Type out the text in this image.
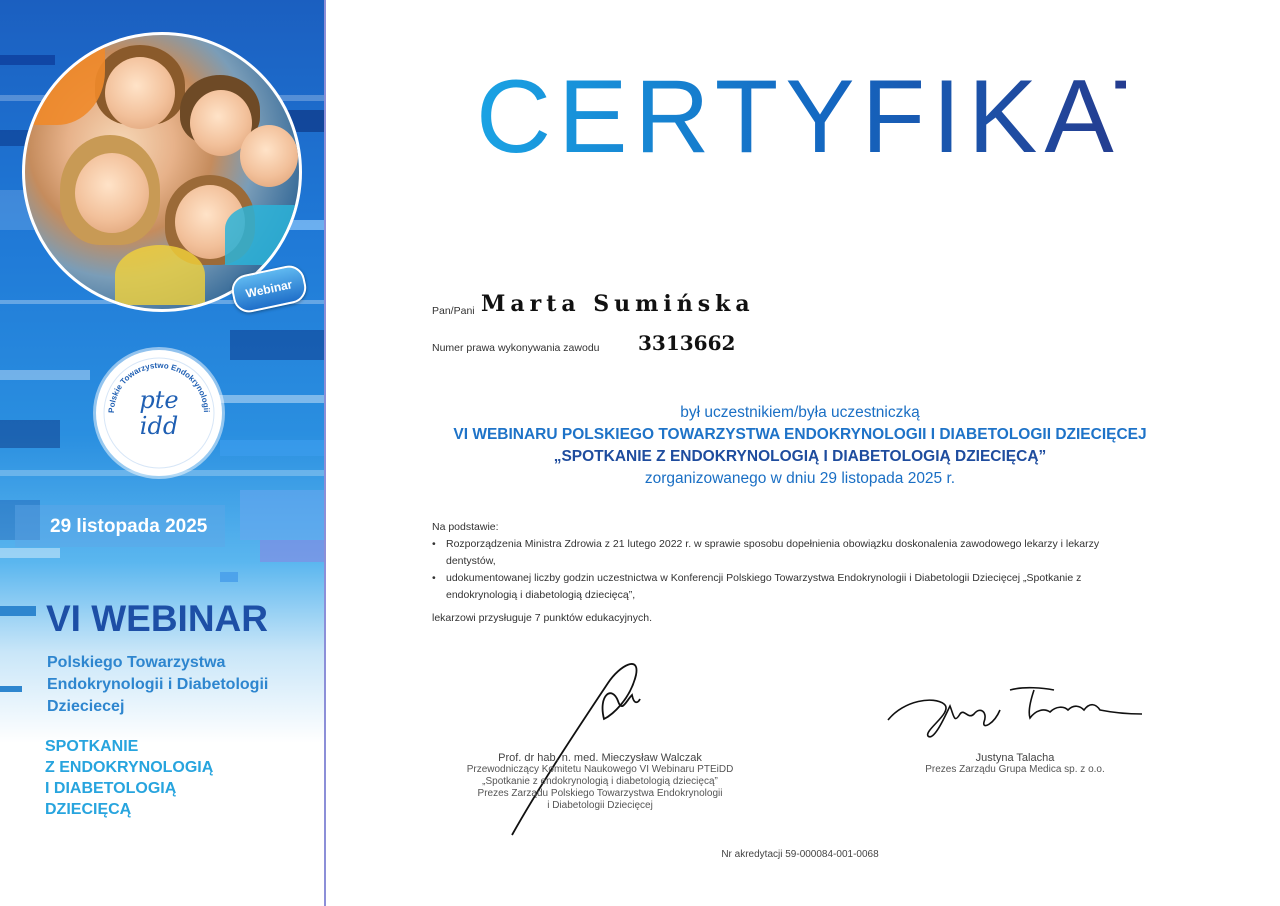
Webinar
pte
idd
Polskie Towarzystwo Endokrynologii
29 listopada 2025
VI WEBINAR
Polskiego Towarzystwa Endokrynologii i Diabetologii Dzieciecej
SPOTKANIE
Z ENDOKRYNOLOGIĄ
I DIABETOLOGIĄ
DZIECIĘCĄ
CERTYFIKAT
Pan/Pani Marta Sumińska
Numer prawa wykonywania zawodu 3313662
był uczestnikiem/była uczestniczką
VI WEBINARU POLSKIEGO TOWARZYSTWA ENDOKRYNOLOGII I DIABETOLOGII DZIECIĘCEJ
„SPOTKANIE Z ENDOKRYNOLOGIĄ I DIABETOLOGIĄ DZIECIĘCĄ”
zorganizowanego w dniu 29 listopada 2025 r.
Na podstawie:
• Rozporządzenia Ministra Zdrowia z 21 lutego 2022 r. w sprawie sposobu dopełnienia obowiązku doskonalenia zawodowego lekarzy i lekarzy dentystów,
• udokumentowanej liczby godzin uczestnictwa w Konferencji Polskiego Towarzystwa Endokrynologii i Diabetologii Dziecięcej „Spotkanie z endokrynologią i diabetologią dziecięcą”,
lekarzowi przysługuje 7 punktów edukacyjnych.
Prof. dr hab. n. med. Mieczysław Walczak
Przewodniczący Komitetu Naukowego VI Webinaru PTEiDD
„Spotkanie z endokrynologią i diabetologią dziecięcą”
Prezes Zarządu Polskiego Towarzystwa Endokrynologii
i Diabetologii Dziecięcej
Justyna Talacha
Prezes Zarządu Grupa Medica sp. z o.o.
Nr akredytacji 59-000084-001-0068
